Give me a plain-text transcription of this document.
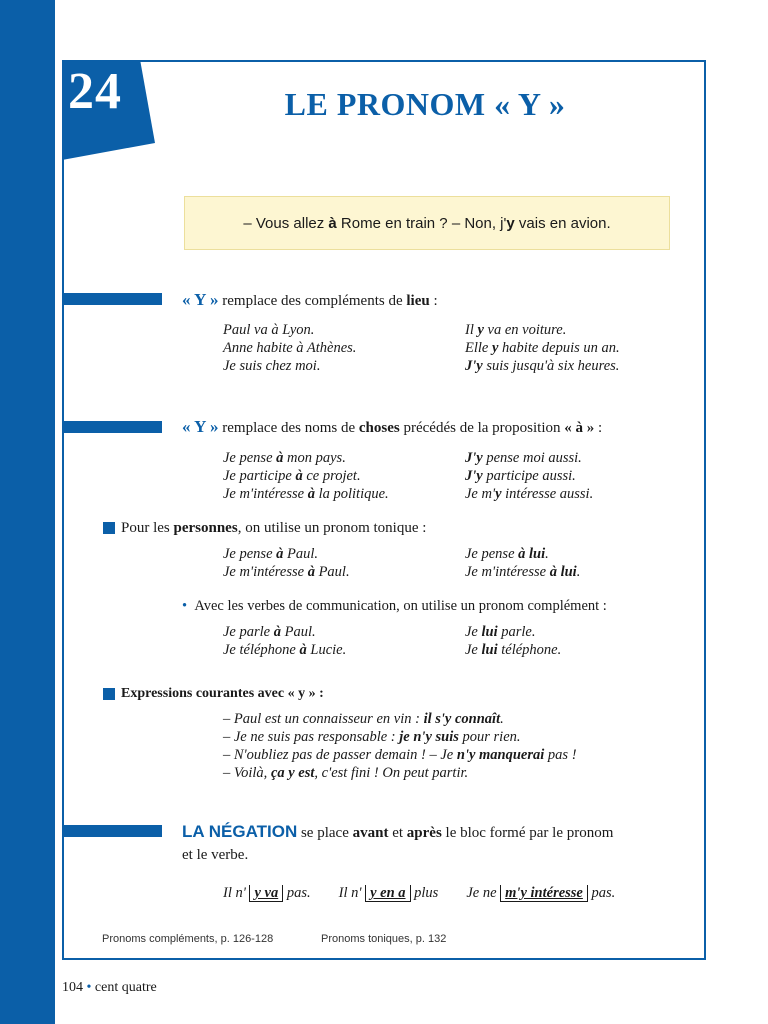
24	LE PRONOM « Y »
– Vous allez à Rome en train ? – Non, j' y vais en avion.
« Y » remplace des compléments de lieu :
Paul va à Lyon.
Anne habite à Athènes.
Je suis chez moi.
Il y va en voiture.
Elle y habite depuis un an.
J'y suis jusqu'à six heures.
« Y » remplace des noms de choses précédés de la proposition « à » :
Je pense à mon pays.
Je participe à ce projet.
Je m'intéresse à la politique.
J'y pense moi aussi.
J'y participe aussi.
Je m'y intéresse aussi.
Pour les personnes, on utilise un pronom tonique :
Je pense à Paul.
Je m'intéresse à Paul.
Je pense à lui.
Je m'intéresse à lui.
• Avec les verbes de communication, on utilise un pronom complément :
Je parle à Paul.
Je téléphone à Lucie.
Je lui parle.
Je lui téléphone.
Expressions courantes avec « y » :
– Paul est un connaisseur en vin : il s'y connaît.
– Je ne suis pas responsable : je n'y suis pour rien.
– N'oubliez pas de passer demain ! – Je n'y manquerai pas !
– Voilà, ça y est, c'est fini ! On peut partir.
LA NÉGATION se place avant et après le bloc formé par le pronom
et le verbe.
Il n' y va pas. Il n' y en a plus Je ne m'y intéresse pas.
Pronoms compléments, p. 126-128	Pronoms toniques, p. 132
104 • cent quatre
